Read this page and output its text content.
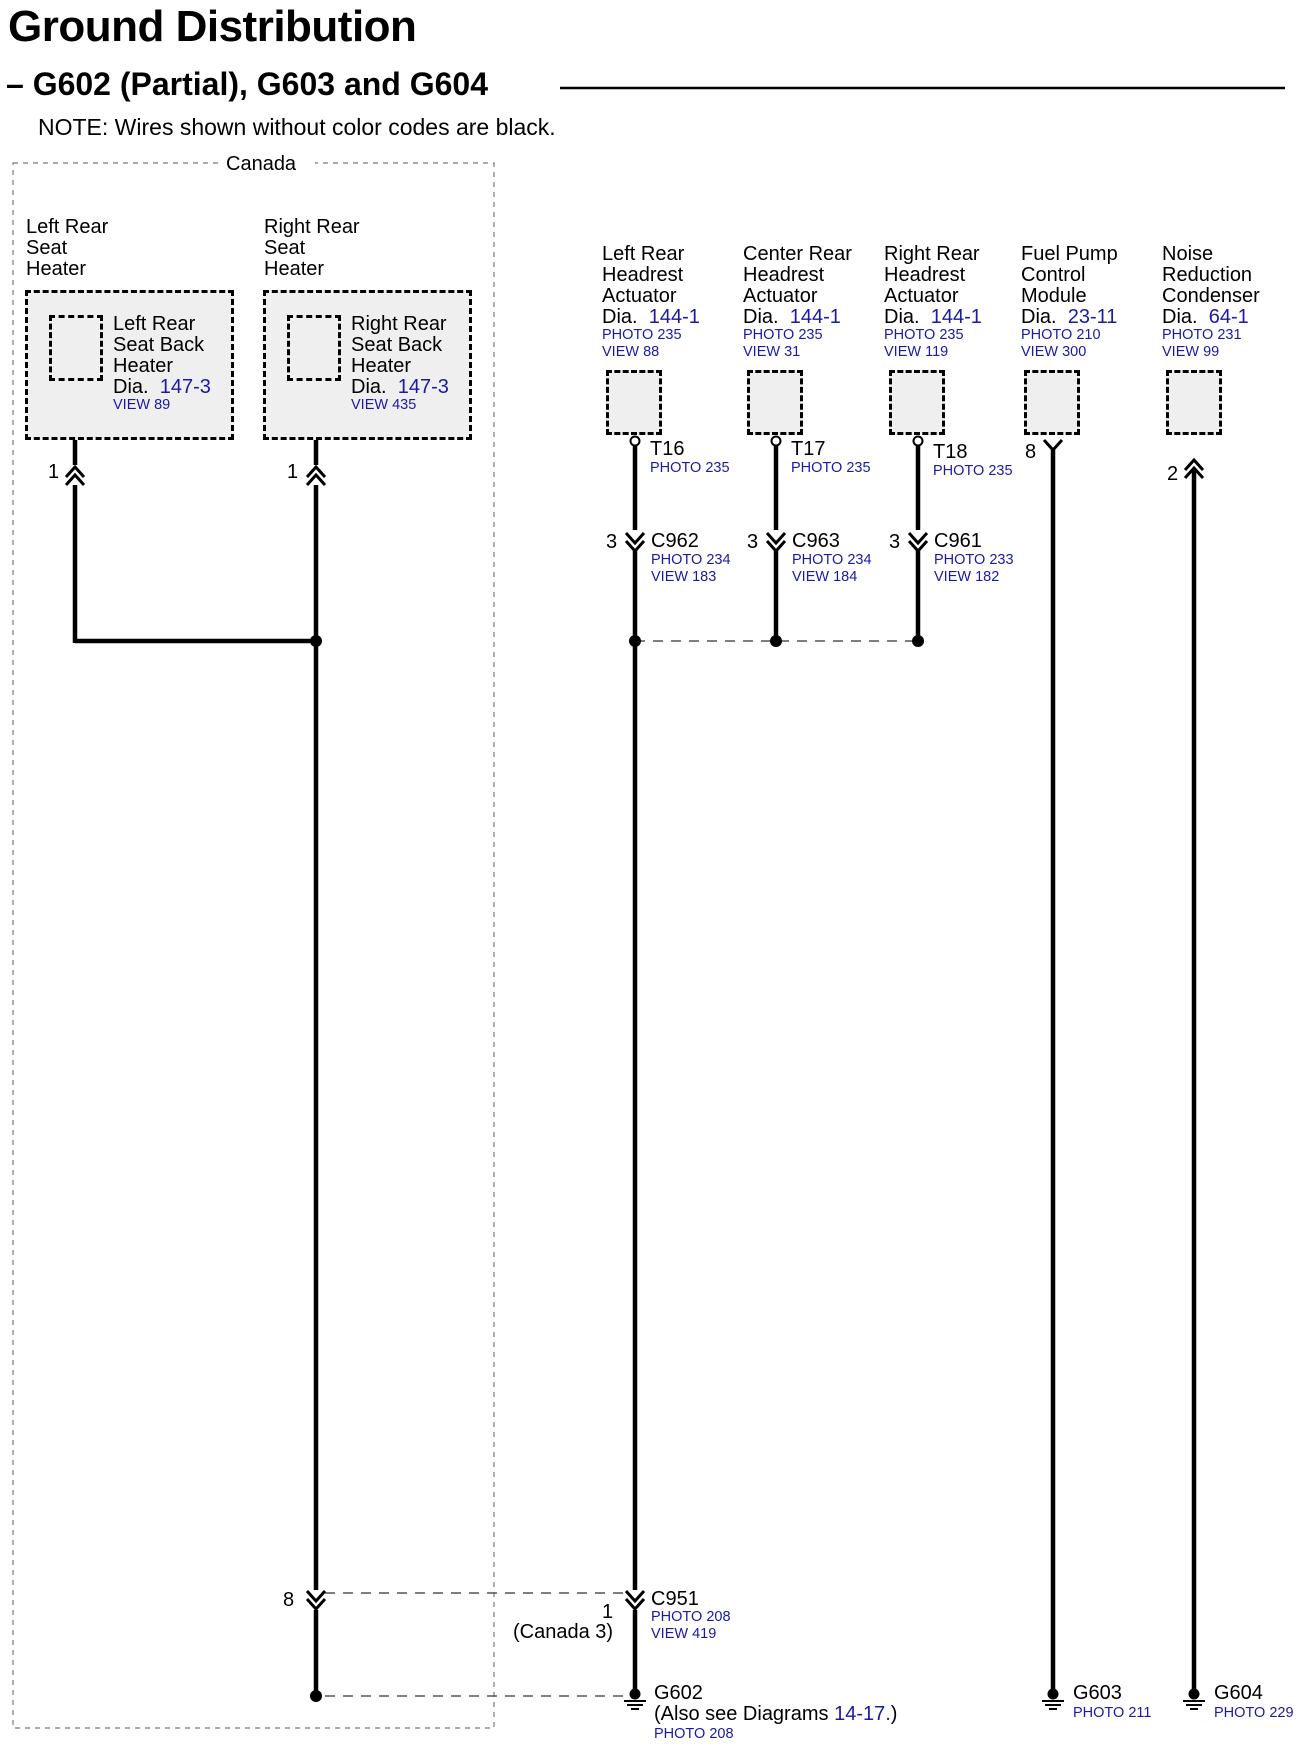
Ground Distribution
– G602 (Partial), G603 and G604
NOTE: Wires shown without color codes are black.
Canada
Left Rear
Seat
Heater
Left Rear
Seat Back
Heater
Dia. 147-3
VIEW 89
1
Right Rear
Seat
Heater
Right Rear
Seat Back
Heater
Dia. 147-3
VIEW 435
1
Left Rear
Headrest
Actuator
Dia. 144-1
PHOTO 235
VIEW 88
Center Rear
Headrest
Actuator
Dia. 144-1
PHOTO 235
VIEW 31
Right Rear
Headrest
Actuator
Dia. 144-1
PHOTO 235
VIEW 119
Fuel Pump
Control
Module
Dia. 23-11
PHOTO 210
VIEW 300
Noise
Reduction
Condenser
Dia. 64-1
PHOTO 231
VIEW 99
T16
PHOTO 235
T17
PHOTO 235
T18
PHOTO 235
8
2
3 C962
PHOTO 234
VIEW 183
3 C963
PHOTO 234
VIEW 184
3 C961
PHOTO 233
VIEW 182
8	C951
PHOTO 208
VIEW 419
1
(Canada 3)
G602
(Also see Diagrams 14-17.)
PHOTO 208
G603
PHOTO 211
G604
PHOTO 229
